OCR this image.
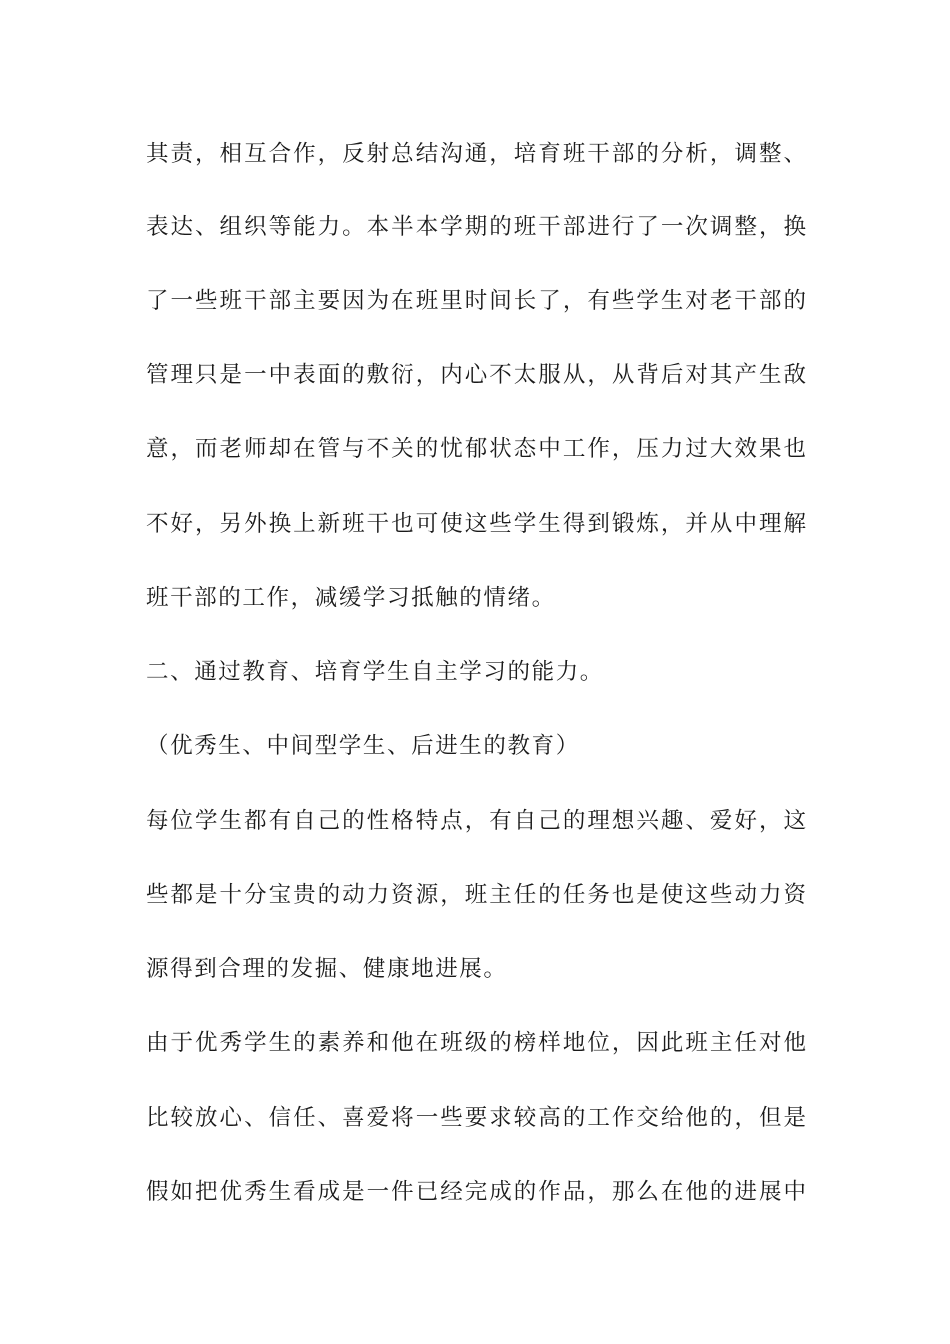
其责，相互合作，反射总结沟通，培育班干部的分析，调整、
表达、组织等能力。本半本学期的班干部进行了一次调整，换
了一些班干部主要因为在班里时间长了，有些学生对老干部的
管理只是一中表面的敷衍，内心不太服从，从背后对其产生敌
意，而老师却在管与不关的忧郁状态中工作，压力过大效果也
不好，另外换上新班干也可使这些学生得到锻炼，并从中理解
班干部的工作，减缓学习抵触的情绪。
二、通过教育、培育学生自主学习的能力。
（优秀生、中间型学生、后进生的教育）
每位学生都有自己的性格特点，有自己的理想兴趣、爱好，这
些都是十分宝贵的动力资源，班主任的任务也是使这些动力资
源得到合理的发掘、健康地进展。
由于优秀学生的素养和他在班级的榜样地位，因此班主任对他
比较放心、信任、喜爱将一些要求较高的工作交给他的，但是
假如把优秀生看成是一件已经完成的作品，那么在他的进展中
